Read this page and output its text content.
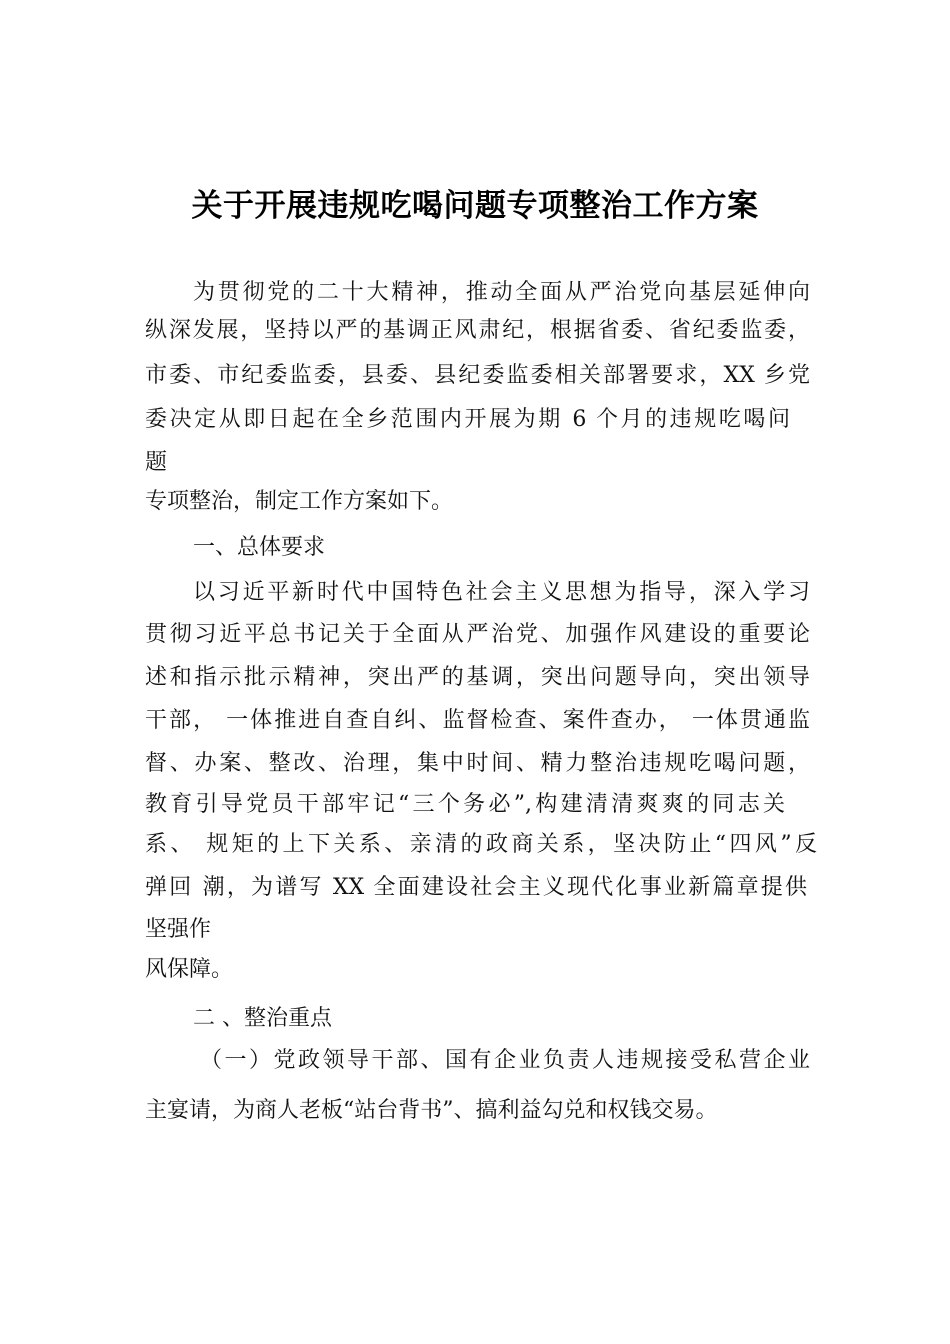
关于开展违规吃喝问题专项整治工作方案
为贯彻党的二十大精神，推动全面从严治党向基层延伸向
纵深发展，坚持以严的基调正风肃纪，根据省委、省纪委监委，
市委、市纪委监委，县委、县纪委监委相关部署要求，XX 乡党
委决定从即日起在全乡范围内开展为期 6 个月的违规吃喝问
题
专项整治，制定工作方案如下。
一、总体要求
以习近平新时代中国特色社会主义思想为指导，深入学习
贯彻习近平总书记关于全面从严治党、加强作风建设的重要论
述和指示批示精神，突出严的基调，突出问题导向，突出领导
干部， 一体推进自查自纠、监督检查、案件查办， 一体贯通监
督、办案、整改、治理，集中时间、精力整治违规吃喝问题，
教育引导党员干部牢记“三个务必”,构建清清爽爽的同志关
系、 规矩的上下关系、亲清的政商关系，坚决防止“四风”反
弹回 潮，为谱写 XX 全面建设社会主义现代化事业新篇章提供
坚强作
风保障。
二 、整治重点
（一）党政领导干部、国有企业负责人违规接受私营企业
主宴请，为商人老板“站台背书”、搞利益勾兑和权钱交易。
